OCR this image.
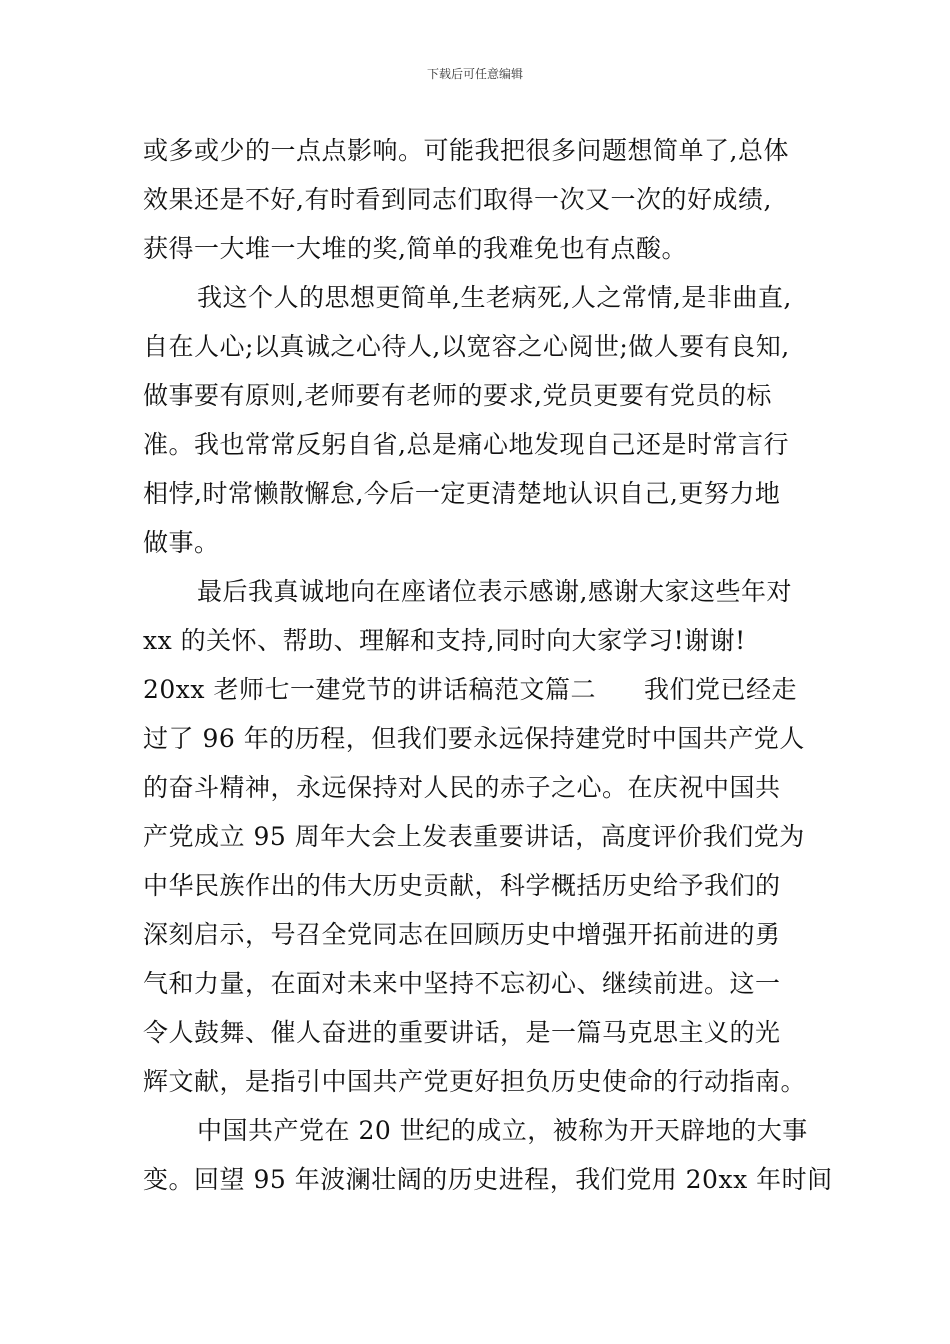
下载后可任意编辑
或多或少的一点点影响。可能我把很多问题想简单了,总体
效果还是不好,有时看到同志们取得一次又一次的好成绩,
获得一大堆一大堆的奖,简单的我难免也有点酸。
我这个人的思想更简单,生老病死,人之常情,是非曲直,
自在人心;以真诚之心待人,以宽容之心阅世;做人要有良知,
做事要有原则,老师要有老师的要求,党员更要有党员的标
准。我也常常反躬自省,总是痛心地发现自己还是时常言行
相悖,时常懒散懈怠,今后一定更清楚地认识自己,更努力地
做事。
最后我真诚地向在座诸位表示感谢,感谢大家这些年对
xx 的关怀、帮助、理解和支持,同时向大家学习!谢谢!
20xx 老师七一建党节的讲话稿范文篇二 我们党已经走
过了 96 年的历程，但我们要永远保持建党时中国共产党人
的奋斗精神，永远保持对人民的赤子之心。在庆祝中国共
产党成立 95 周年大会上发表重要讲话，高度评价我们党为
中华民族作出的伟大历史贡献，科学概括历史给予我们的
深刻启示，号召全党同志在回顾历史中增强开拓前进的勇
气和力量，在面对未来中坚持不忘初心、继续前进。这一
令人鼓舞、催人奋进的重要讲话，是一篇马克思主义的光
辉文献，是指引中国共产党更好担负历史使命的行动指南。
中国共产党在 20 世纪的成立，被称为开天辟地的大事
变。回望 95 年波澜壮阔的历史进程，我们党用 20xx 年时间
